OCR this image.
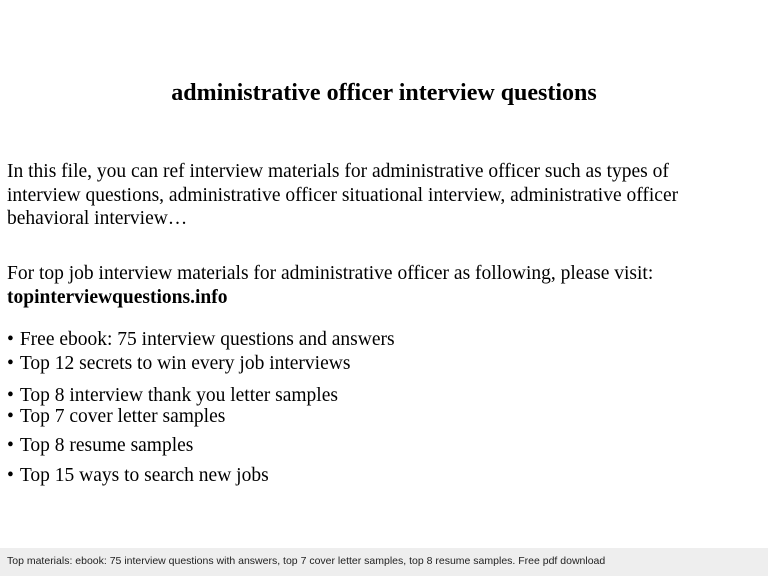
administrative officer interview questions
In this file, you can ref interview materials for administrative officer such as types of
interview questions, administrative officer situational interview, administrative officer
behavioral interview…
For top job interview materials for administrative officer as following, please visit:
topinterviewquestions.info
• Free ebook: 75 interview questions and answers
• Top 12 secrets to win every job interviews
• Top 8 interview thank you letter samples
• Top 7 cover letter samples
• Top 8 resume samples
• Top 15 ways to search new jobs
Top materials: ebook: 75 interview questions with answers, top 7 cover letter samples, top 8 resume samples. Free pdf download
